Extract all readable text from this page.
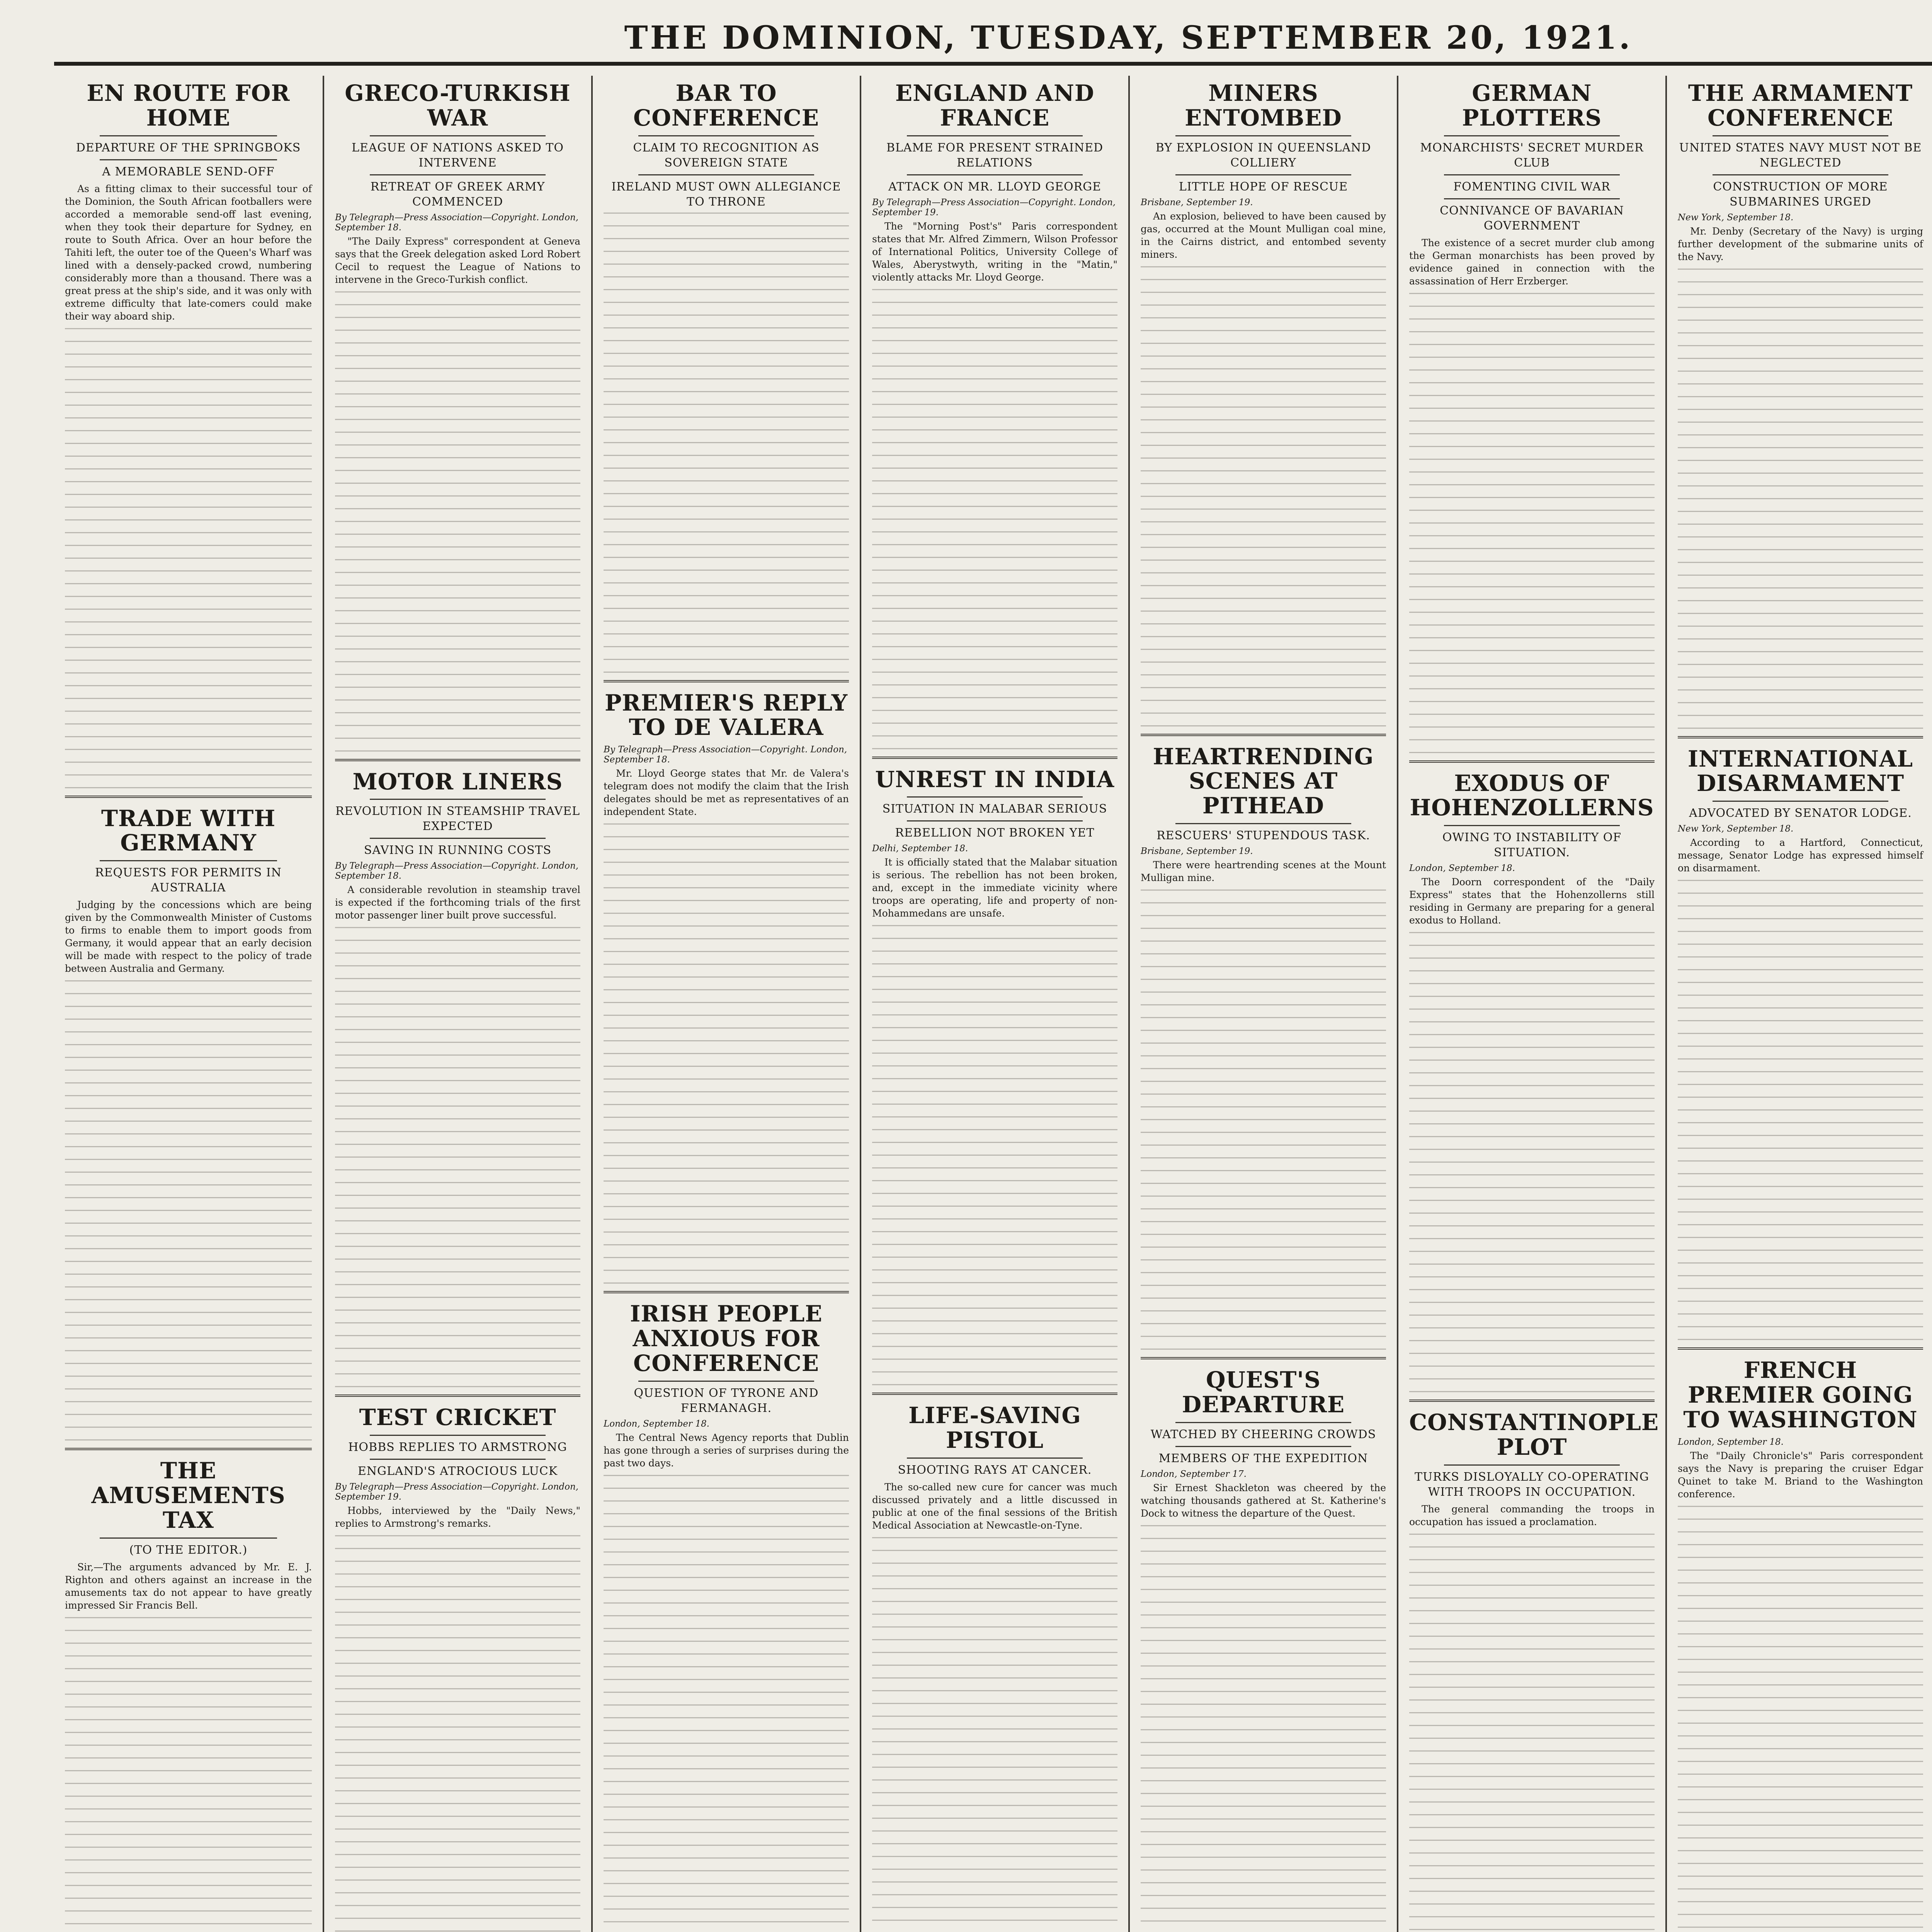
THE DOMINION, TUESDAY, SEPTEMBER 20, 1921.
EN ROUTE FOR HOME
DEPARTURE OF THE SPRINGBOKS
A MEMORABLE SEND-OFF

As a fitting climax to their successful tour of the Dominion, the South African footballers were accorded a memorable send-off last evening, when they took their departure for Sydney, en route to South Africa. Over an hour before the Tahiti left, the outer toe of the Queen's Wharf was lined with a densely-packed crowd, numbering considerably more than a thousand. There was a great press at the ship's side, and it was only with extreme difficulty that late-comers could make their way aboard ship.

TRADE WITH GERMANY
REQUESTS FOR PERMITS IN AUSTRALIA

Judging by the concessions which are being given by the Commonwealth Minister of Customs to firms to enable them to import goods from Germany, it would appear that an early decision will be made with respect to the policy of trade between Australia and Germany.

THE AMUSEMENTS TAX
(TO THE EDITOR.)

Sir,—The arguments advanced by Mr. E. J. Righton and others against an increase in the amusements tax do not appear to have greatly impressed Sir Francis Bell.

GRECO-TURKISH WAR
LEAGUE OF NATIONS ASKED TO INTERVENE
RETREAT OF GREEK ARMY COMMENCED
By Telegraph—Press Association—Copyright. London, September 18.

"The Daily Express" correspondent at Geneva says that the Greek delegation asked Lord Robert Cecil to request the League of Nations to intervene in the Greco-Turkish conflict.

MOTOR LINERS
REVOLUTION IN STEAMSHIP TRAVEL EXPECTED
SAVING IN RUNNING COSTS
By Telegraph—Press Association—Copyright. London, September 18.

A considerable revolution in steamship travel is expected if the forthcoming trials of the first motor passenger liner built prove successful.

TEST CRICKET
HOBBS REPLIES TO ARMSTRONG
ENGLAND'S ATROCIOUS LUCK
By Telegraph—Press Association—Copyright. London, September 19.

Hobbs, interviewed by the "Daily News," replies to Armstrong's remarks.

BAR TO CONFERENCE
CLAIM TO RECOGNITION AS SOVEREIGN STATE
IRELAND MUST OWN ALLEGIANCE TO THRONE
PREMIER'S REPLY TO DE VALERA
By Telegraph—Press Association—Copyright. London, September 18.

Mr. Lloyd George states that Mr. de Valera's telegram does not modify the claim that the Irish delegates should be met as representatives of an independent State.

IRISH PEOPLE ANXIOUS FOR CONFERENCE
QUESTION OF TYRONE AND FERMANAGH.
London, September 18.

The Central News Agency reports that Dublin has gone through a series of surprises during the past two days.

ENGLAND AND FRANCE
BLAME FOR PRESENT STRAINED RELATIONS
ATTACK ON MR. LLOYD GEORGE
By Telegraph—Press Association—Copyright. London, September 19.

The "Morning Post's" Paris correspondent states that Mr. Alfred Zimmern, Wilson Professor of International Politics, University College of Wales, Aberystwyth, writing in the "Matin," violently attacks Mr. Lloyd George.

UNREST IN INDIA
SITUATION IN MALABAR SERIOUS
REBELLION NOT BROKEN YET
Delhi, September 18.

It is officially stated that the Malabar situation is serious. The rebellion has not been broken, and, except in the immediate vicinity where troops are operating, life and property of non-Mohammedans are unsafe.

LIFE-SAVING PISTOL
SHOOTING RAYS AT CANCER.

The so-called new cure for cancer was much discussed privately and a little discussed in public at one of the final sessions of the British Medical Association at Newcastle-on-Tyne.

MINERS ENTOMBED
BY EXPLOSION IN QUEENSLAND COLLIERY
LITTLE HOPE OF RESCUE
Brisbane, September 19.

An explosion, believed to have been caused by gas, occurred at the Mount Mulligan coal mine, in the Cairns district, and entombed seventy miners.

HEARTRENDING SCENES AT PITHEAD
RESCUERS' STUPENDOUS TASK.
Brisbane, September 19.

There were heartrending scenes at the Mount Mulligan mine.

QUEST'S DEPARTURE
WATCHED BY CHEERING CROWDS
MEMBERS OF THE EXPEDITION
London, September 17.

Sir Ernest Shackleton was cheered by the watching thousands gathered at St. Katherine's Dock to witness the departure of the Quest.

GERMAN PLOTTERS
MONARCHISTS' SECRET MURDER CLUB
FOMENTING CIVIL WAR
CONNIVANCE OF BAVARIAN GOVERNMENT

The existence of a secret murder club among the German monarchists has been proved by evidence gained in connection with the assassination of Herr Erzberger.

EXODUS OF HOHENZOLLERNS
OWING TO INSTABILITY OF SITUATION.
London, September 18.

The Doorn correspondent of the "Daily Express" states that the Hohenzollerns still residing in Germany are preparing for a general exodus to Holland.

CONSTANTINOPLE PLOT
TURKS DISLOYALLY CO-OPERATING WITH TROOPS IN OCCUPATION.

The general commanding the troops in occupation has issued a proclamation.

THE ARMAMENT CONFERENCE
UNITED STATES NAVY MUST NOT BE NEGLECTED
CONSTRUCTION OF MORE SUBMARINES URGED
New York, September 18.

Mr. Denby (Secretary of the Navy) is urging further development of the submarine units of the Navy.

INTERNATIONAL DISARMAMENT
ADVOCATED BY SENATOR LODGE.
New York, September 18.

According to a Hartford, Connecticut, message, Senator Lodge has expressed himself on disarmament.

FRENCH PREMIER GOING TO WASHINGTON
London, September 18.

The "Daily Chronicle's" Paris correspondent says the Navy is preparing the cruiser Edgar Quinet to take M. Briand to the Washington conference.
